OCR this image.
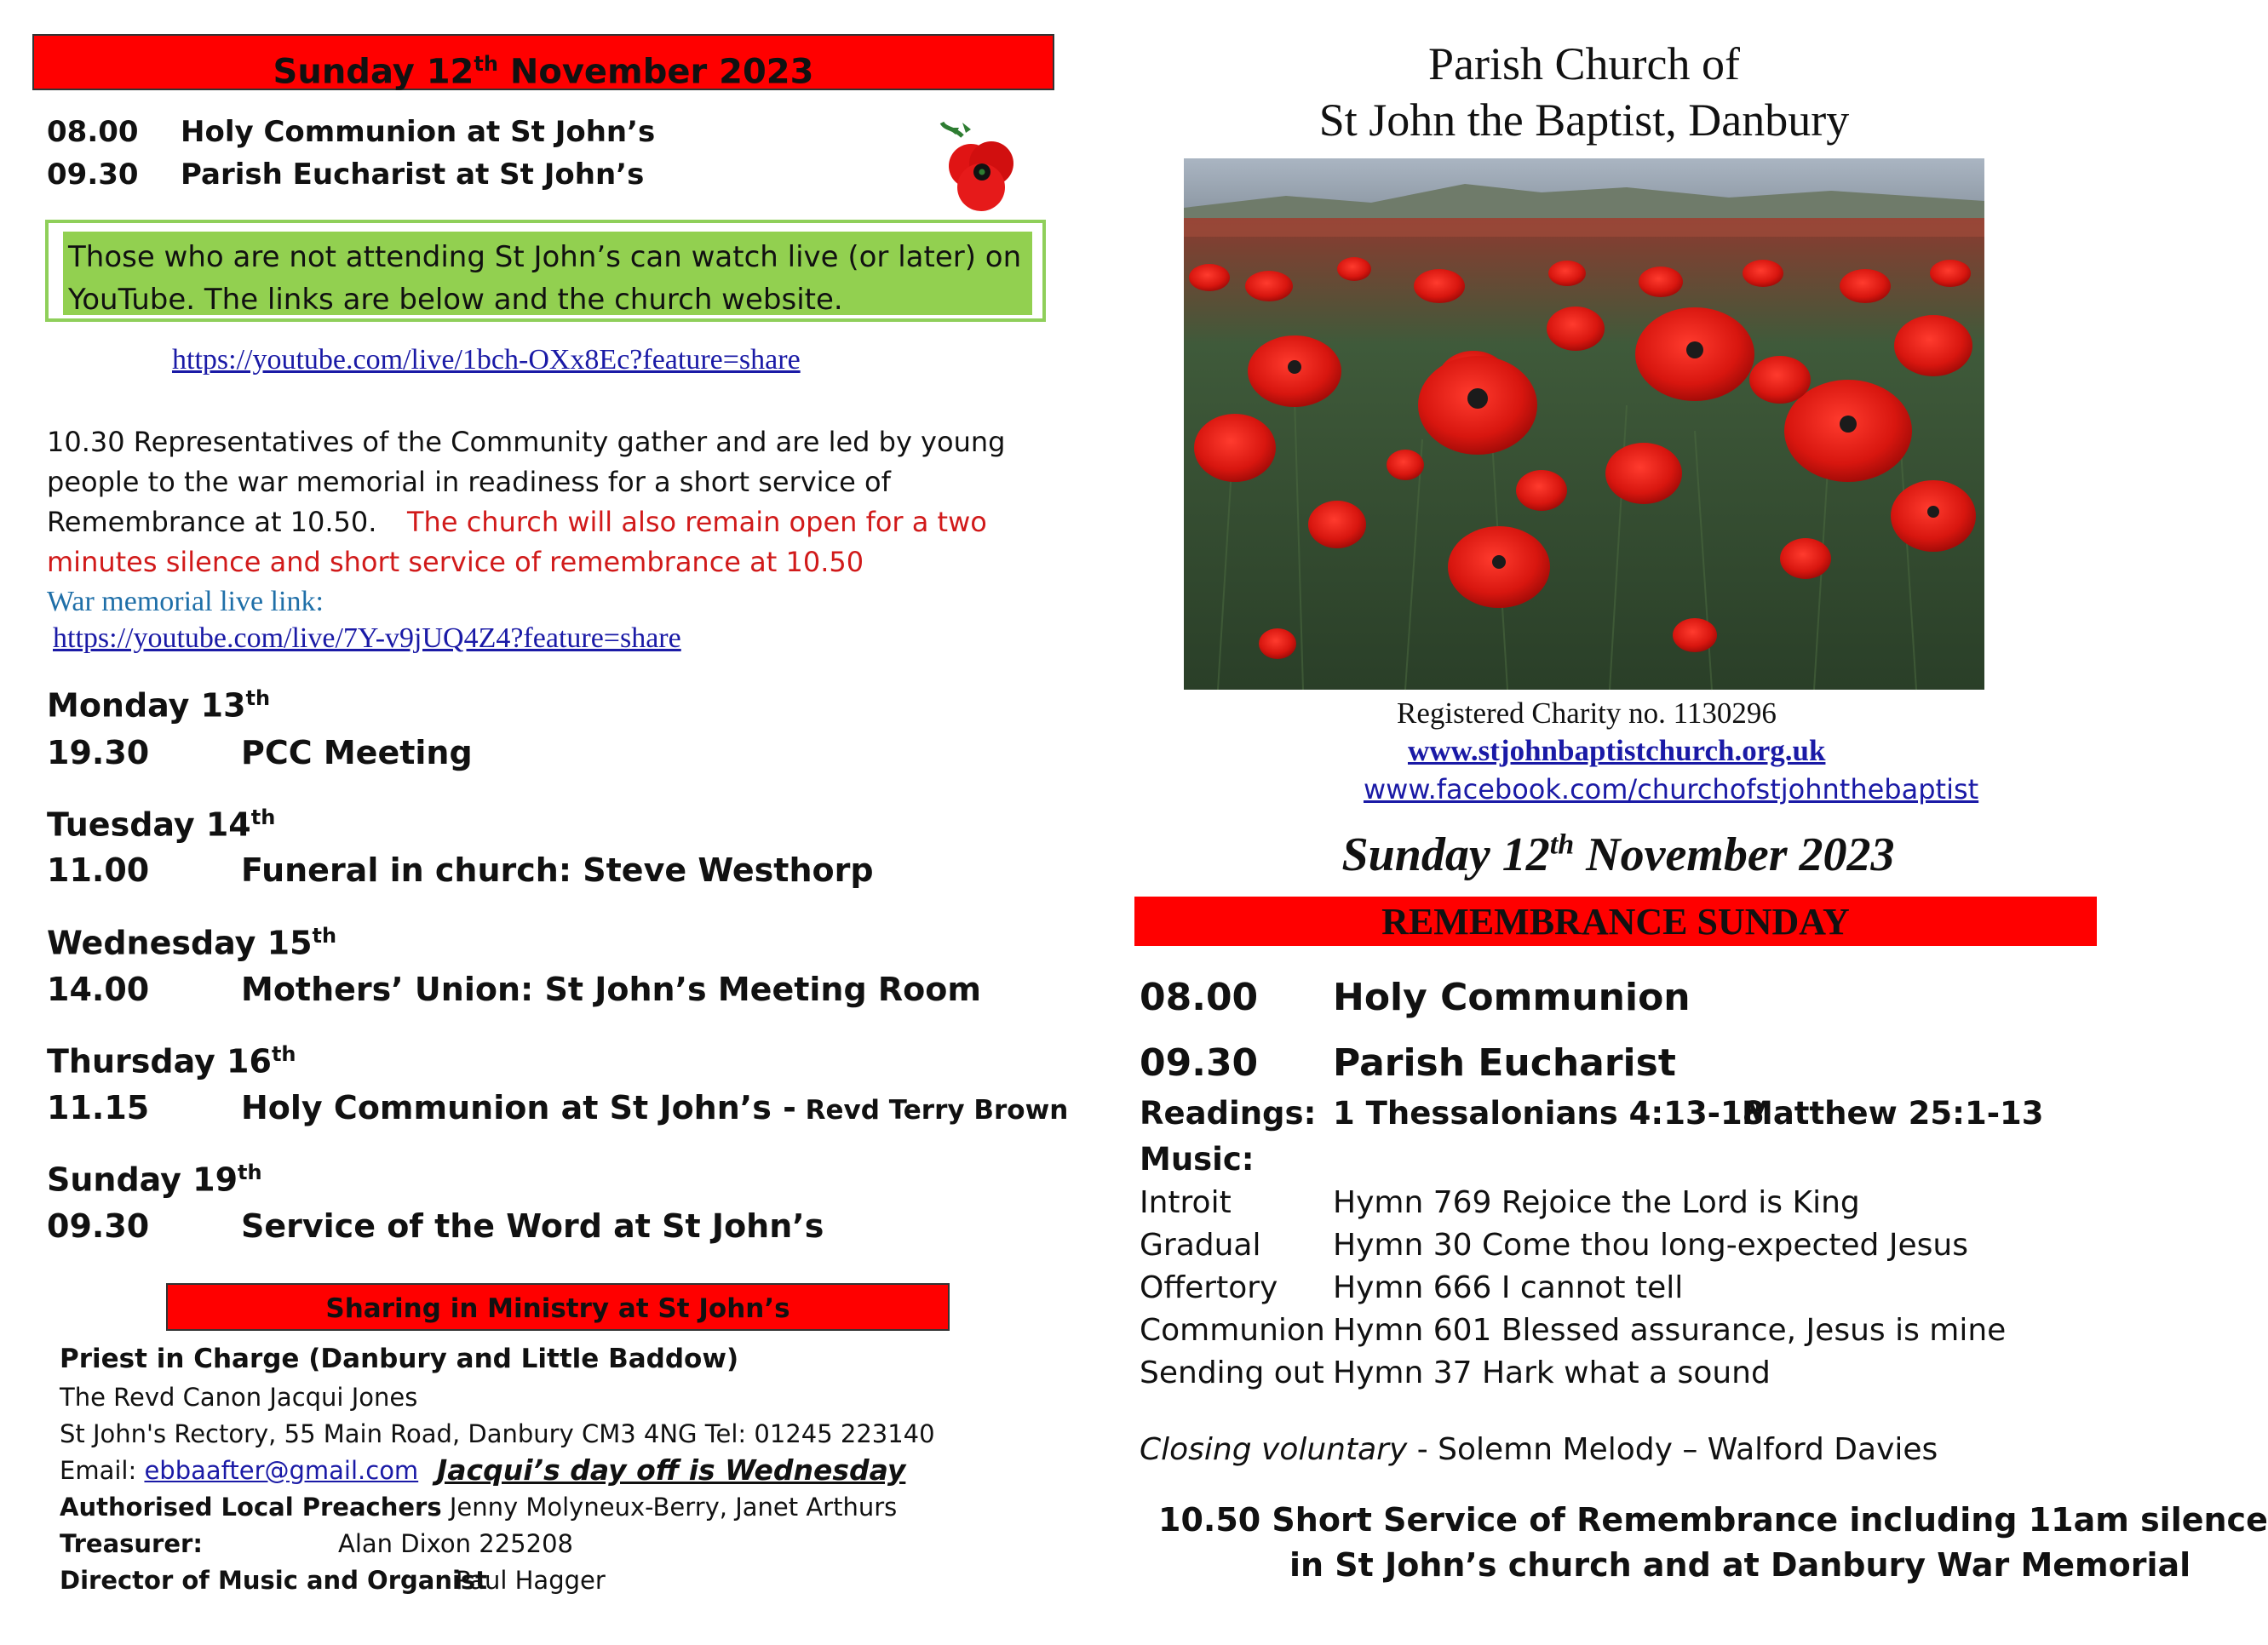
Sunday 12th November 2023
08.00 Holy Communion at St John’s
09.30 Parish Eucharist at St John’s
Those who are not attending St John’s can watch live (or later) on
YouTube. The links are below and the church website.
https://youtube.com/live/1bch-OXx8Ec?feature=share
10.30 Representatives of the Community gather and are led by young
people to the war memorial in readiness for a short service of
Remembrance at 10.50. The church will also remain open for a two
minutes silence and short service of remembrance at 10.50
War memorial live link:
https://youtube.com/live/7Y-v9jUQ4Z4?feature=share
Monday 13th
19.30	PCC Meeting
Tuesday 14th
11.00	Funeral in church: Steve Westhorp
Wednesday 15th
14.00	Mothers’ Union: St John’s Meeting Room
Thursday 16th
11.15	Holy Communion at St John’s - Revd Terry Brown
Sunday 19th
09.30	Service of the Word at St John’s
Sharing in Ministry at St John’s
Priest in Charge (Danbury and Little Baddow)
The Revd Canon Jacqui Jones
St John's Rectory, 55 Main Road, Danbury CM3 4NG Tel: 01245 223140
Email: ebbaafter@gmail.com Jacqui’s day off is Wednesday
Authorised Local Preachers Jenny Molyneux-Berry, Janet Arthurs
Treasurer:	Alan Dixon 225208
Director of Music and Organist
Paul Hagger
Parish Church of
St John the Baptist, Danbury
Registered Charity no. 1130296
www.stjohnbaptistchurch.org.uk
www.facebook.com/churchofstjohnthebaptist
Sunday 12th November 2023
REMEMBRANCE SUNDAY
08.00 Holy Communion
09.30 Parish Eucharist
Readings: 1 Thessalonians 4:13-18
Matthew 25:1-13
Music:
Introit	Hymn 769 Rejoice the Lord is King
Gradual Hymn 30 Come thou long-expected Jesus
Offertory Hymn 666 I cannot tell
Communion Hymn 601 Blessed assurance, Jesus is mine
Sending out Hymn 37 Hark what a sound
Closing voluntary - Solemn Melody – Walford Davies
10.50 Short Service of Remembrance including 11am silence
in St John’s church and at Danbury War Memorial
